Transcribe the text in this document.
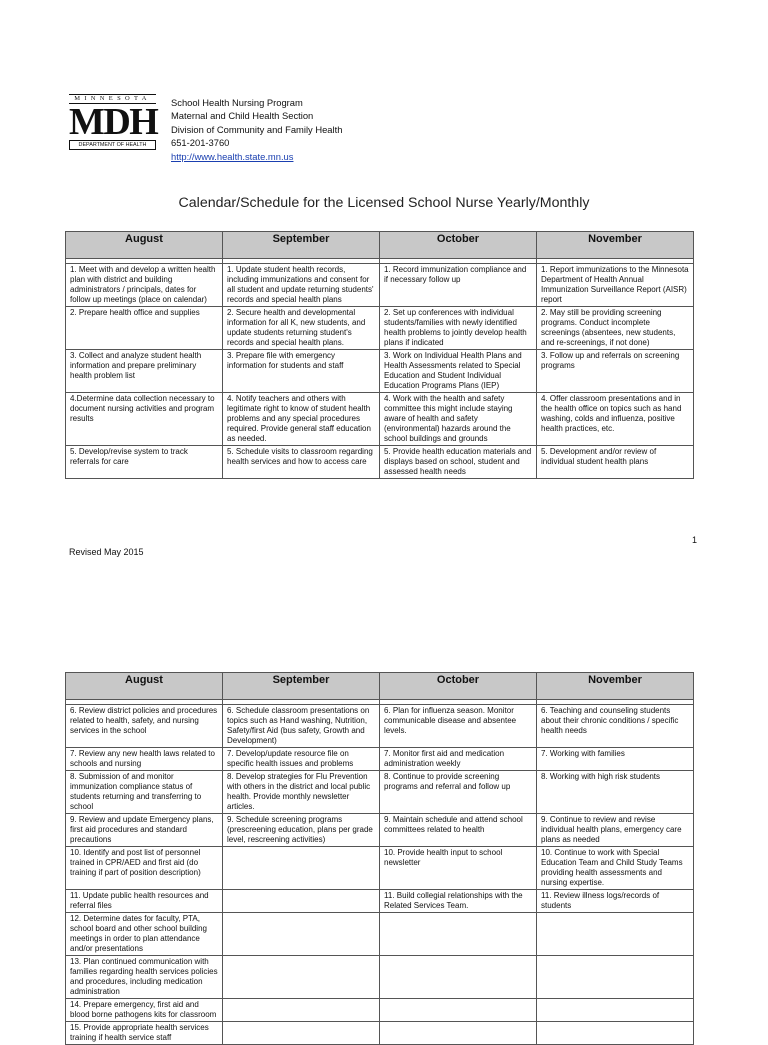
MINNESOTA
MDH
DEPARTMENT OF HEALTH
School Health Nursing Program
Maternal and Child Health Section
Division of Community and Family Health
651-201-3760
http://www.health.state.mn.us
Calendar/Schedule for the Licensed School Nurse Yearly/Monthly
August	September	October	November

1. Meet with and develop a written health plan with district and building administrators / principals, dates for follow up meetings (place on calendar)	1. Update student health records, including immunizations and consent for all student and update returning students' records and special health plans	1. Record immunization compliance and if necessary follow up	1. Report immunizations to the Minnesota Department of Health Annual Immunization Surveillance Report (AISR) report
2. Prepare health office and supplies	2. Secure health and developmental information for all K, new students, and update students returning student's records and special health plans.	2. Set up conferences with individual students/families with newly identified health problems to jointly develop health plans if indicated	2. May still be providing screening programs. Conduct incomplete screenings (absentees, new students, and re-screenings, if not done)
3. Collect and analyze student health information and prepare preliminary health problem list	3. Prepare file with emergency information for students and staff	3. Work on Individual Health Plans and Health Assessments related to Special Education and Student Individual Education Programs Plans (IEP)	3. Follow up and referrals on screening programs
4.Determine data collection necessary to document nursing activities and program results	4. Notify teachers and others with legitimate right to know of student health problems and any special procedures required. Provide general staff education as needed.	4. Work with the health and safety committee this might include staying aware of health and safety (environmental) hazards around the school buildings and grounds	4. Offer classroom presentations and in the health office on topics such as hand washing, colds and influenza, positive health practices, etc.
5. Develop/revise system to track referrals for care	5. Schedule visits to classroom regarding health services and how to access care	5. Provide health education materials and displays based on school, student and assessed health needs	5. Development and/or review of individual student health plans
1
Revised May 2015
August	September	October	November

6. Review district policies and procedures related to health, safety, and nursing services in the school	6. Schedule classroom presentations on topics such as Hand washing, Nutrition, Safety/first Aid (bus safety, Growth and Development)	6. Plan for influenza season. Monitor communicable disease and absentee levels.	6. Teaching and counseling students about their chronic conditions / specific health needs
7. Review any new health laws related to schools and nursing	7. Develop/update resource file on specific health issues and problems	7. Monitor first aid and medication administration weekly	7. Working with families
8. Submission of and monitor immunization compliance status of students returning and transferring to school	8. Develop strategies for Flu Prevention with others in the district and local public health. Provide monthly newsletter articles.	8. Continue to provide screening programs and referral and follow up	8. Working with high risk students
9. Review and update Emergency plans, first aid procedures and standard precautions	9. Schedule screening programs (prescreening education, plans per grade level, rescreening activities)	9. Maintain schedule and attend school committees related to health	9. Continue to review and revise individual health plans, emergency care plans as needed
10. Identify and post list of personnel trained in CPR/AED and first aid (do training if part of position description)		10. Provide health input to school newsletter	10. Continue to work with Special Education Team and Child Study Teams providing health assessments and nursing expertise.
11. Update public health resources and referral files		11. Build collegial relationships with the Related Services Team.	11. Review illness logs/records of students
12. Determine dates for faculty, PTA, school board and other school building meetings in order to plan attendance and/or presentations			
13. Plan continued communication with families regarding health services policies and procedures, including medication administration			
14. Prepare emergency, first aid and blood borne pathogens kits for classroom			
15. Provide appropriate health services training if health service staff			
